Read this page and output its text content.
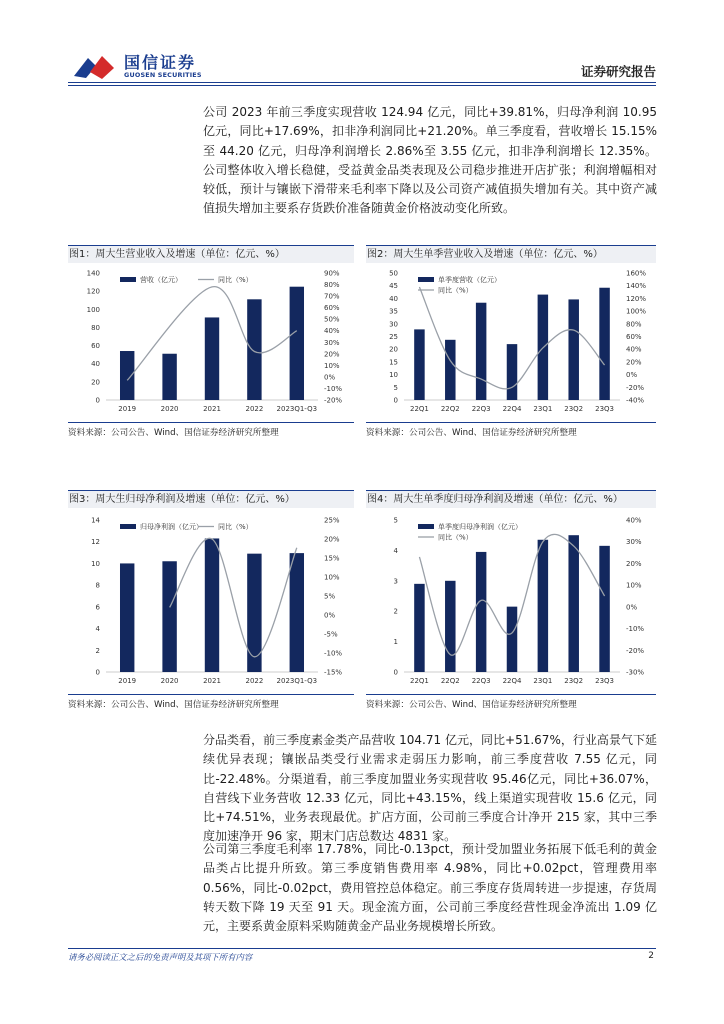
国信证券
GUOSEN SECURITIES	证券研究报告
公司 2023 年前三季度实现营收 124.94 亿元，同比+39.81%，归母净利润 10.95 亿元，同比+17.69%，扣非净利润同比+21.20%。单三季度看，营收增长 15.15%至 44.20 亿元，归母净利润增长 2.86%至 3.55 亿元，扣非净利润增长 12.35%。公司整体收入增长稳健，受益黄金品类表现及公司稳步推进开店扩张；利润增幅相对较低，预计与镶嵌下滑带来毛利率下降以及公司资产减值损失增加有关。其中资产减值损失增加主要系存货跌价准备随黄金价格波动变化所致。
图1：周大生营业收入及增速（单位：亿元、%）
0
20
40
60
80
100
120
140
-20%
-10%
0%
10%
20%
30%
40%
50%
60%
70%
80%
90%
2019	2020	2021	2022 2023Q1-Q3
营收（亿元）	同比（%）
资料来源：公司公告、Wind、国信证券经济研究所整理
图2：周大生单季营业收入及增速（单位：亿元、%）
0
5
10
15
20
25
30
35
40
45
50
-40%
-20%
0%
20%
40%
60%
80%
100%
120%
140%
160%
22Q1 22Q2 22Q3 22Q4 23Q1 23Q2 23Q3
单季度营收（亿元）
同比（%）
资料来源：公司公告、Wind、国信证券经济研究所整理
图3：周大生归母净利润及增速（单位：亿元、%）
0
2
4
6
8
10
12
14
-15%
-10%
-5%
0%
5%
10%
15%
20%
25%
2019	2020	2021	2022 2023Q1-Q3
归母净利润（亿元） 同比（%）
资料来源：公司公告、Wind、国信证券经济研究所整理
图4：周大生单季度归母净利润及增速（单位：亿元、%）
0
1
2
3
4
5
-30%
-20%
-10%
0%
10%
20%
30%
40%
22Q1 22Q2 22Q3 22Q4 23Q1 23Q2 23Q3
单季度归母净利润（亿元）
同比（%）
资料来源：公司公告、Wind、国信证券经济研究所整理
分品类看，前三季度素金类产品营收 104.71 亿元，同比+51.67%，行业高景气下延续优异表现；镶嵌品类受行业需求走弱压力影响，前三季度营收 7.55 亿元，同比-22.48%。分渠道看，前三季度加盟业务实现营收 95.46亿元，同比+36.07%，自营线下业务营收 12.33 亿元，同比+43.15%，线上渠道实现营收 15.6 亿元，同比+74.51%，业务表现最优。扩店方面，公司前三季度合计净开 215 家，其中三季度加速净开 96 家，期末门店总数达 4831 家。
公司第三季度毛利率 17.78%，同比-0.13pct，预计受加盟业务拓展下低毛利的黄金品类占比提升所致。第三季度销售费用率 4.98%，同比+0.02pct，管理费用率 0.56%，同比-0.02pct，费用管控总体稳定。前三季度存货周转进一步提速，存货周转天数下降 19 天至 91 天。现金流方面，公司前三季度经营性现金净流出 1.09 亿元，主要系黄金原料采购随黄金产品业务规模增长所致。
请务必阅读正文之后的免责声明及其项下所有内容	2
